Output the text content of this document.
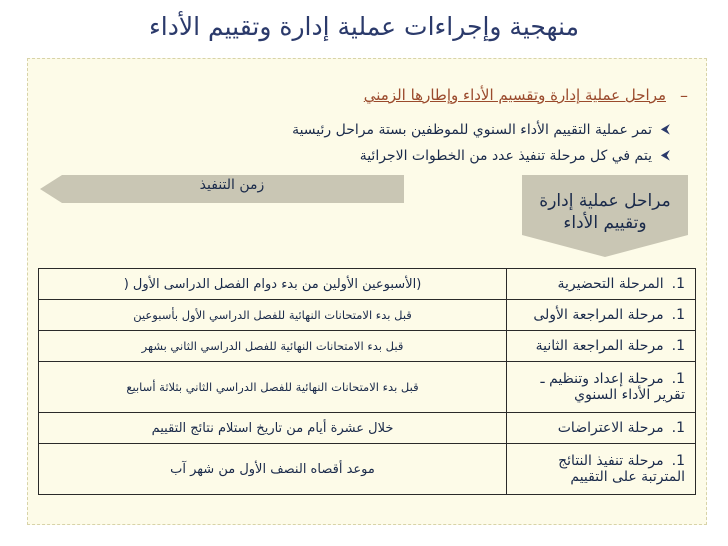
منهجية وإجراءات عملية إدارة وتقييم الأداء
–
مراحل عملية إدارة وتقسيم الأداء وإطارها الزمني
⮜
تمر عملية التقييم الأداء السنوي للموظفين بستة مراحل رئيسية
⮜
يتم في كل مرحلة تنفيذ عدد من الخطوات الاجرائية
زمن التنفيذ
مراحل عملية إدارة
وتقييم الأداء
1.المرحلة التحضيرية	(الأسبوعين الأولين من بدء دوام الفصل الدراسى الأول (
1.مرحلة المراجعة الأولى	قبل بدء الامتحانات النهائية للفصل الدراسي الأول بأسبوعين
1.مرحلة المراجعة الثانية	قبل بدء الامتحانات النهائية للفصل الدراسي الثاني بشهر
1.مرحلة إعداد وتنظيم ـ تقرير الأداء السنوي	قبل بدء الامتحانات النهائية للفصل الدراسي الثاني بثلاثة أسابيع
1.مرحلة الاعتراضات	خلال عشرة أيام من تاريخ استلام نتائج التقييم
1.مرحلة تنفيذ النتائج المترتبة على التقييم	موعد أقصاه النصف الأول من شهر آب
